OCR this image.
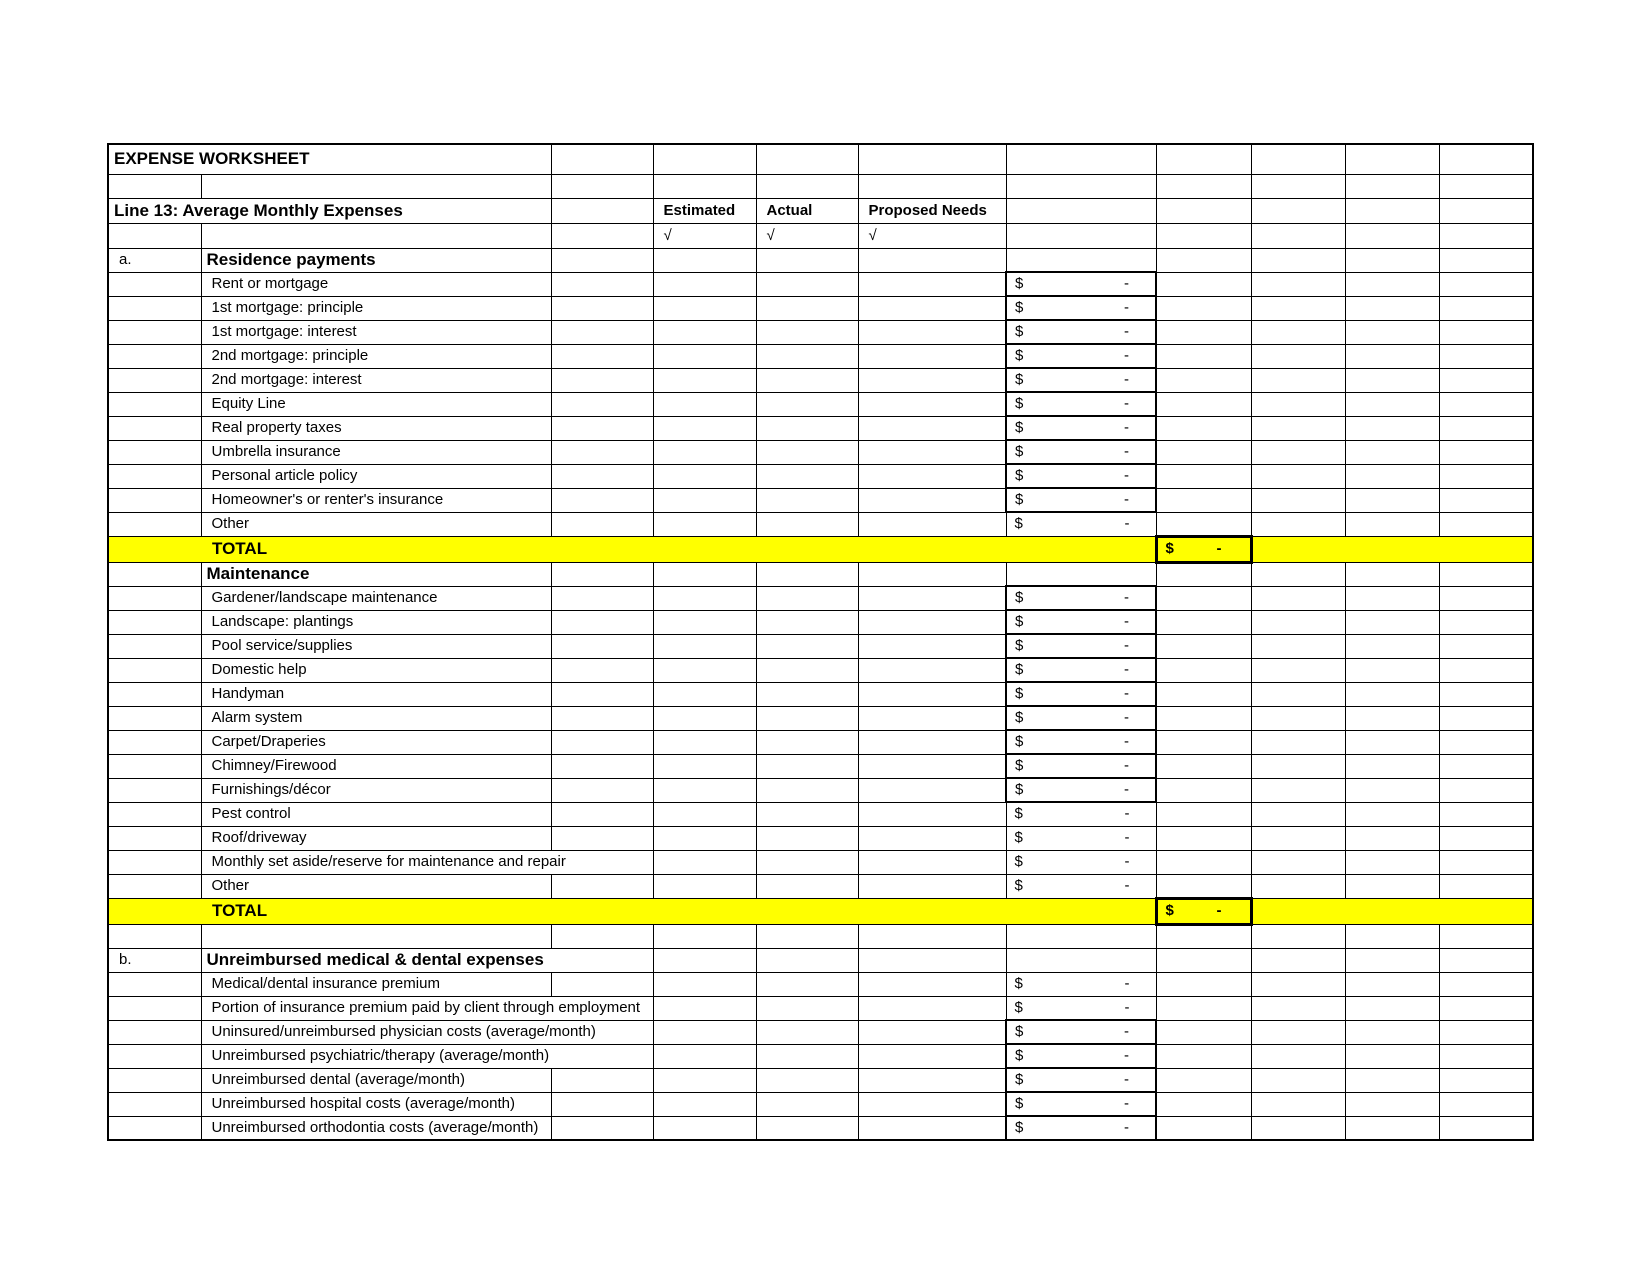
EXPENSE WORKSHEET										

Line 13: Average Monthly Expenses			Estimated	Actual	Proposed Needs					
			√	√	√					
a.	Residence payments									
	Rent or mortgage					$ -				

	1st mortgage: principle					$ -				

	1st mortgage: interest					$ -				

	2nd mortgage: principle					$ -				

	2nd mortgage: interest					$ -				

	Equity Line					$ -				

	Real property taxes					$ -				

	Umbrella insurance					$ -				

	Personal article policy					$ -				

	Homeowner's or renter's insurance					$ -				

	Other					$ -				

TOTAL							$ -			

	Maintenance									
	Gardener/landscape maintenance					$ -				

	Landscape: plantings					$ -				

	Pool service/supplies					$ -				

	Domestic help					$ -				

	Handyman					$ -				

	Alarm system					$ -				

	Carpet/Draperies					$ -				

	Chimney/Firewood					$ -				

	Furnishings/décor					$ -				

	Pest control					$ -				

	Roof/driveway					$ -				

	Monthly set aside/reserve for maintenance and repair					$ -				

	Other					$ -				

TOTAL							$ -			

b.	Unreimbursed medical & dental expenses									
	Medical/dental insurance premium					$ -				

	Portion of insurance premium paid by client through employment					$ -				

	Uninsured/unreimbursed physician costs (average/month)					$ -				

	Unreimbursed psychiatric/therapy (average/month)					$ -				

	Unreimbursed dental (average/month)					$ -				

	Unreimbursed hospital costs (average/month)					$ -				

	Unreimbursed orthodontia costs (average/month)					$ -				
